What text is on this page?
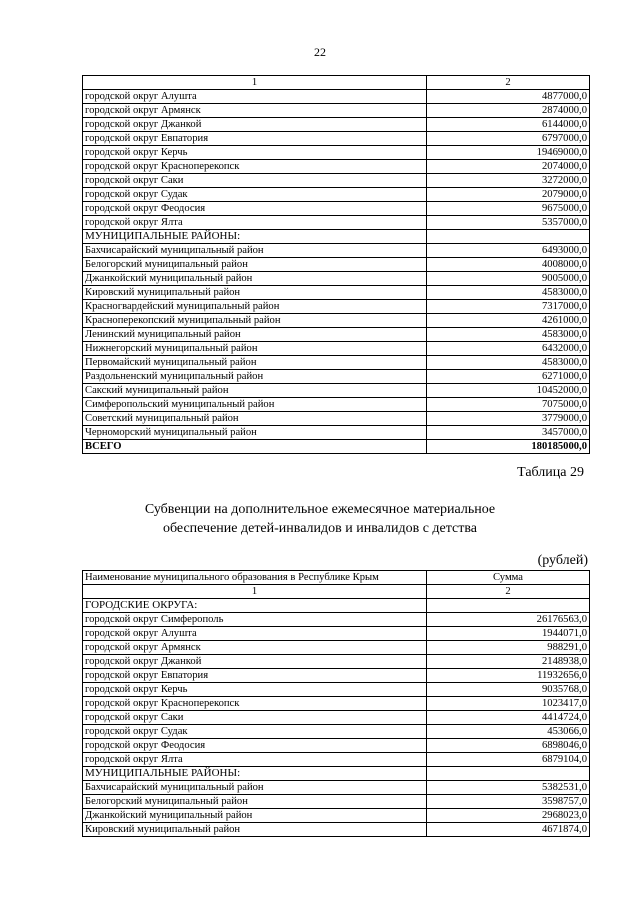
22
1	2
городской округ Алушта	4877000,0
городской округ Армянск	2874000,0
городской округ Джанкой	6144000,0
городской округ Евпатория	6797000,0
городской округ Керчь	19469000,0
городской округ Красноперекопск	2074000,0
городской округ Саки	3272000,0
городской округ Судак	2079000,0
городской округ Феодосия	9675000,0
городской округ Ялта	5357000,0
МУНИЦИПАЛЬНЫЕ РАЙОНЫ:	
Бахчисарайский муниципальный район	6493000,0
Белогорский муниципальный район	4008000,0
Джанкойский муниципальный район	9005000,0
Кировский муниципальный район	4583000,0
Красногвардейский муниципальный район	7317000,0
Красноперекопский муниципальный район	4261000,0
Ленинский муниципальный район	4583000,0
Нижнегорский муниципальный район	6432000,0
Первомайский муниципальный район	4583000,0
Раздольненский муниципальный район	6271000,0
Сакский муниципальный район	10452000,0
Симферопольский муниципальный район	7075000,0
Советский муниципальный район	3779000,0
Черноморский муниципальный район	3457000,0
ВСЕГО	180185000,0
Таблица 29
Субвенции на дополнительное ежемесячное материальное
обеспечение детей-инвалидов и инвалидов с детства
(рублей)
Наименование муниципального образования в Республике Крым	Сумма
1	2
ГОРОДСКИЕ ОКРУГА:	
городской округ Симферополь	26176563,0
городской округ Алушта	1944071,0
городской округ Армянск	988291,0
городской округ Джанкой	2148938,0
городской округ Евпатория	11932656,0
городской округ Керчь	9035768,0
городской округ Красноперекопск	1023417,0
городской округ Саки	4414724,0
городской округ Судак	453066,0
городской округ Феодосия	6898046,0
городской округ Ялта	6879104,0
МУНИЦИПАЛЬНЫЕ РАЙОНЫ:	
Бахчисарайский муниципальный район	5382531,0
Белогорский муниципальный район	3598757,0
Джанкойский муниципальный район	2968023,0
Кировский муниципальный район	4671874,0
